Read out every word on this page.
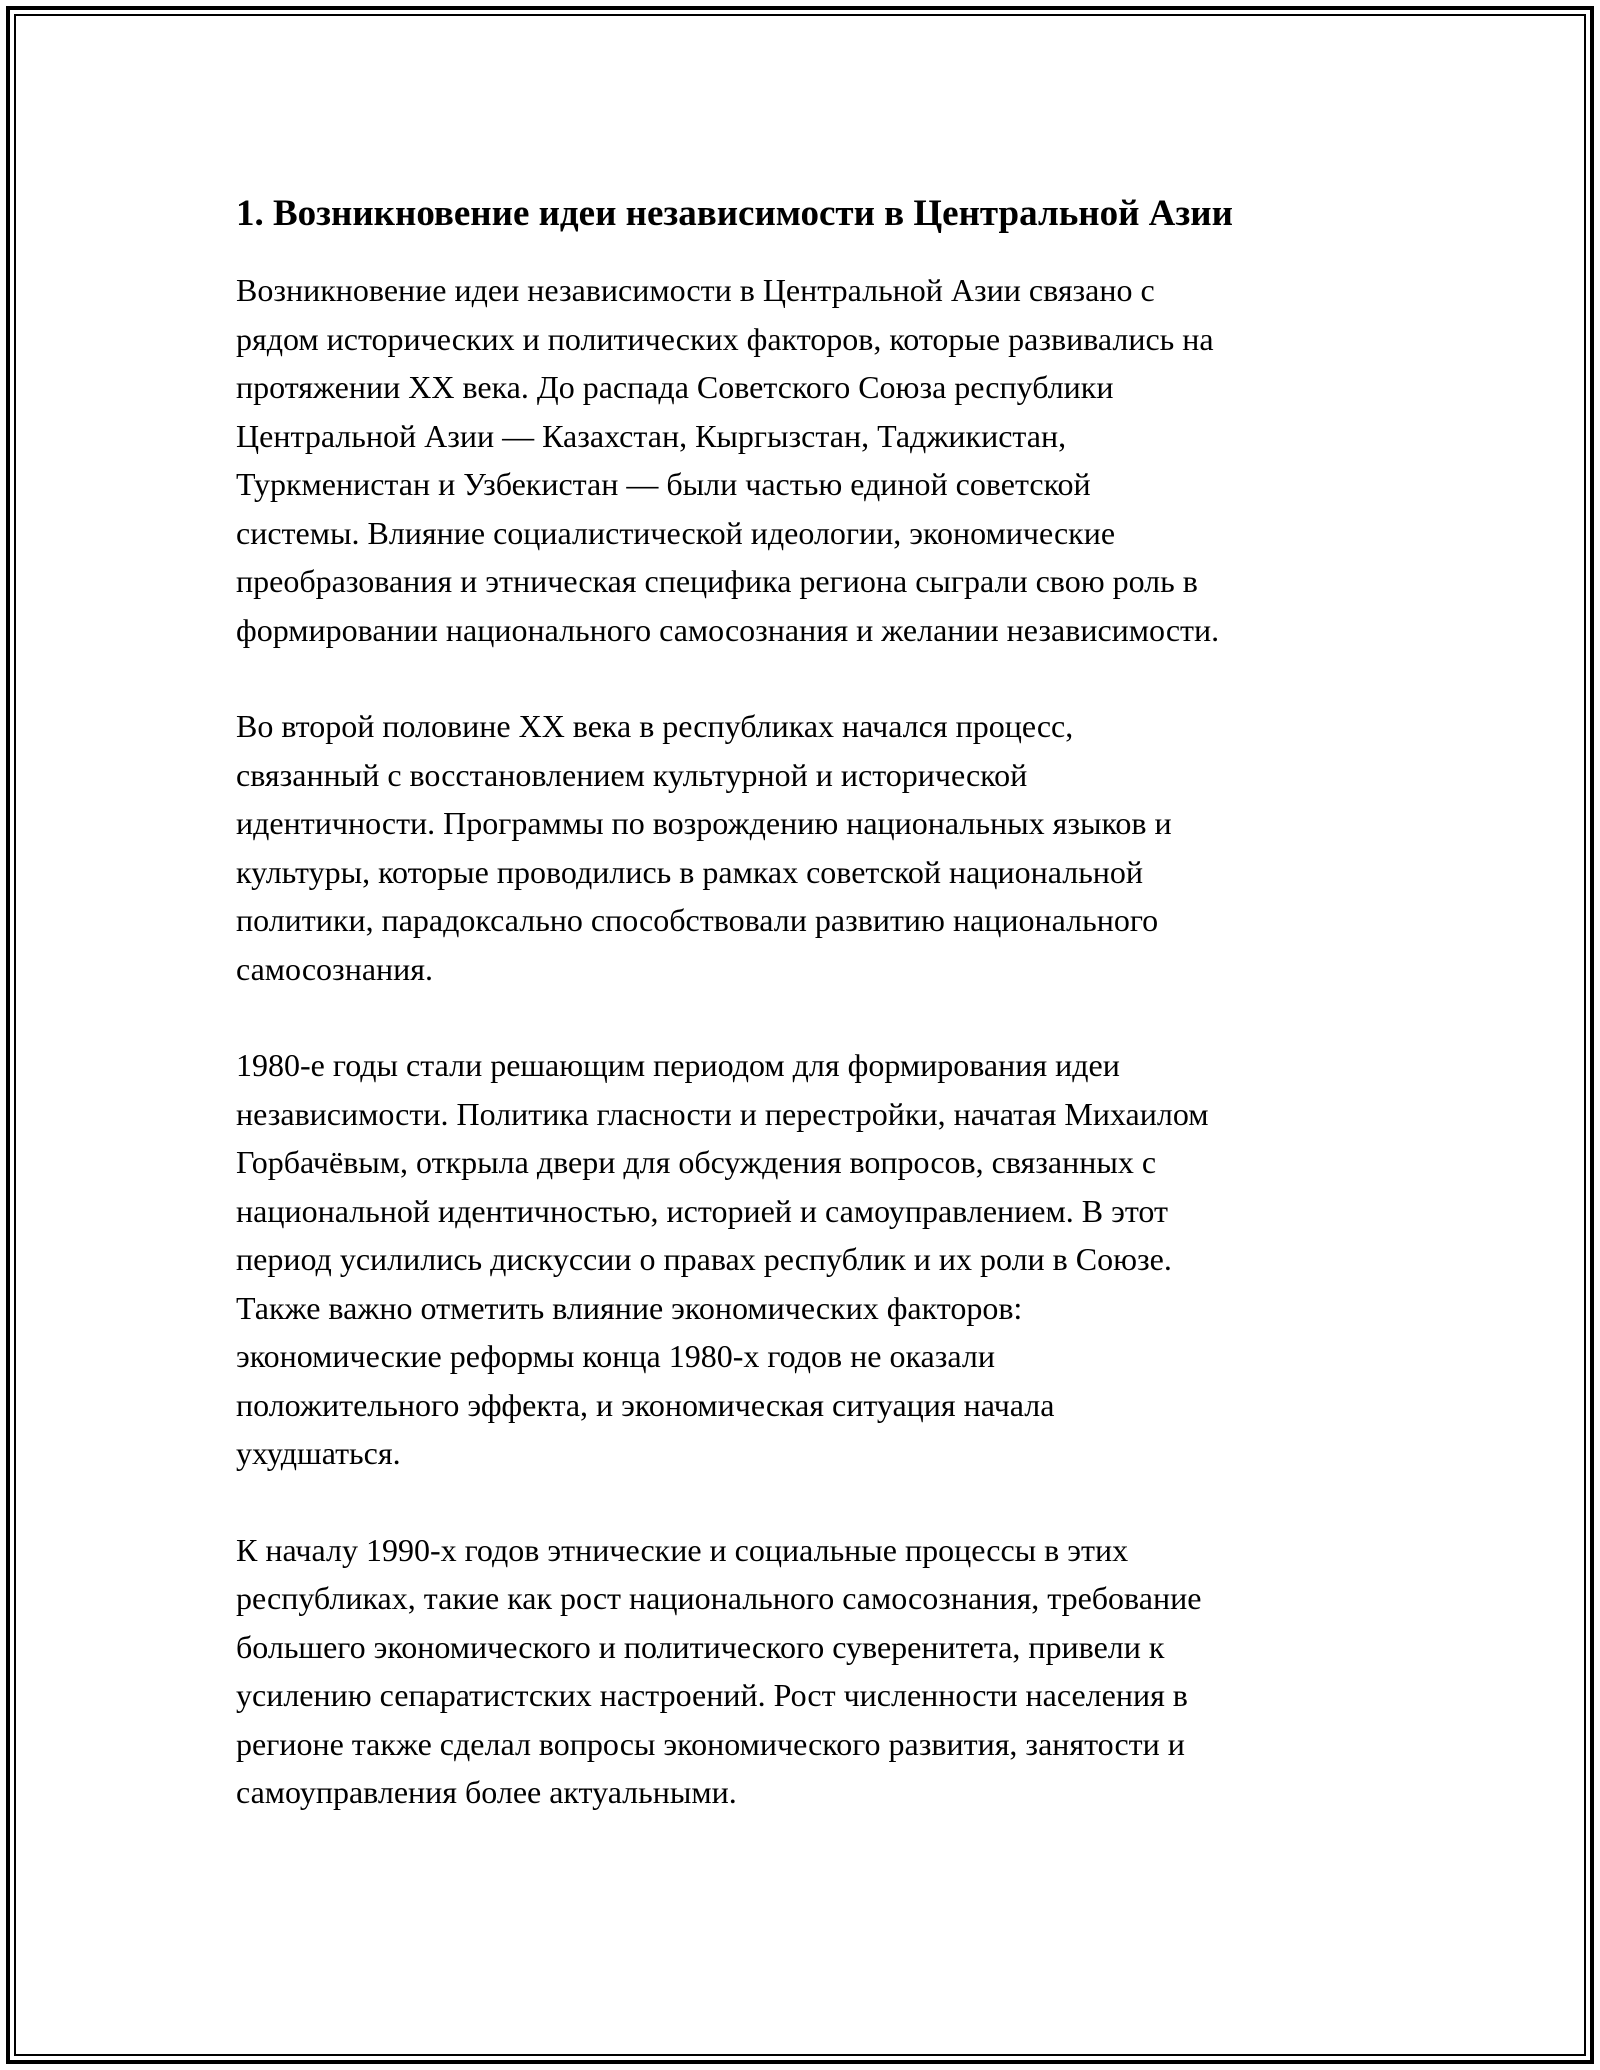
1. Возникновение идеи независимости в Центральной Азии

Возникновение идеи независимости в Центральной Азии связано с
рядом исторических и политических факторов, которые развивались на
протяжении XX века. До распада Советского Союза республики
Центральной Азии — Казахстан, Кыргызстан, Таджикистан,
Туркменистан и Узбекистан — были частью единой советской
системы. Влияние социалистической идеологии, экономические
преобразования и этническая специфика региона сыграли свою роль в
формировании национального самосознания и желании независимости.

Во второй половине XX века в республиках начался процесс,
связанный с восстановлением культурной и исторической
идентичности. Программы по возрождению национальных языков и
культуры, которые проводились в рамках советской национальной
политики, парадоксально способствовали развитию национального
самосознания.

1980-е годы стали решающим периодом для формирования идеи
независимости. Политика гласности и перестройки, начатая Михаилом
Горбачёвым, открыла двери для обсуждения вопросов, связанных с
национальной идентичностью, историей и самоуправлением. В этот
период усилились дискуссии о правах республик и их роли в Союзе.
Также важно отметить влияние экономических факторов:
экономические реформы конца 1980-х годов не оказали
положительного эффекта, и экономическая ситуация начала
ухудшаться.

К началу 1990-х годов этнические и социальные процессы в этих
республиках, такие как рост национального самосознания, требование
большего экономического и политического суверенитета, привели к
усилению сепаратистских настроений. Рост численности населения в
регионе также сделал вопросы экономического развития, занятости и
самоуправления более актуальными.
